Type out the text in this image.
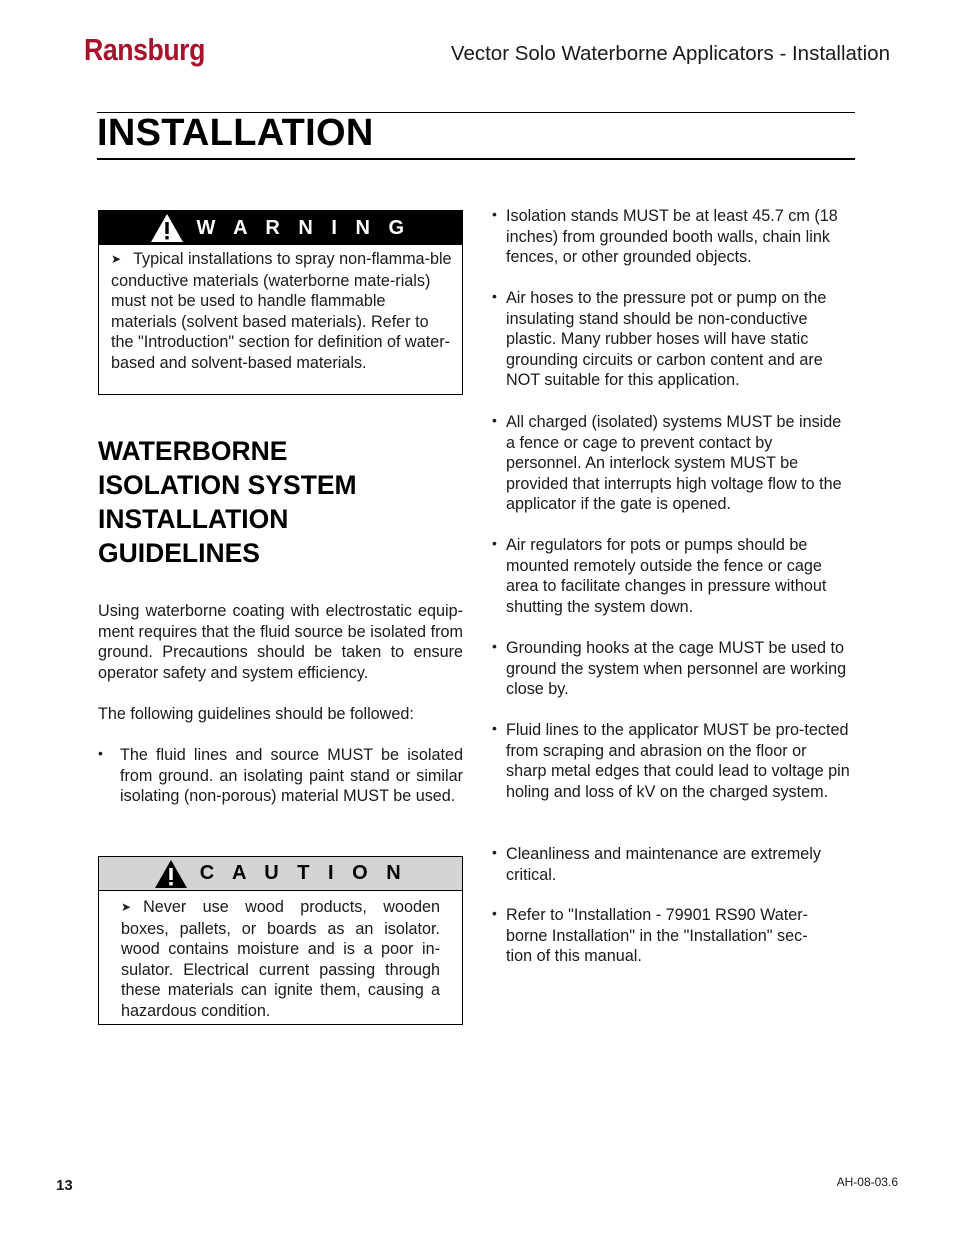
Ransburg	Vector Solo Waterborne Applicators - Installation
INSTALLATION
W A R N I N G
➤ Typical installations to spray non-flamma-ble conductive materials (waterborne mate-rials) must not be used to handle flammable materials (solvent based materials). Refer to the "Introduction" section for definition of water-based and solvent-based materials.
WATERBORNE
ISOLATION SYSTEM
INSTALLATION
GUIDELINES
Using waterborne coating with electrostatic equip-ment requires that the fluid source be isolated from ground. Precautions should be taken to ensure operator safety and system efficiency.
The following guidelines should be followed:
• The fluid lines and source MUST be isolated from ground. an isolating paint stand or similar isolating (non-porous) material MUST be used.
C A U T I O N
➤ Never use wood products, wooden boxes, pallets, or boards as an isolator. wood contains moisture and is a poor in-sulator. Electrical current passing through these materials can ignite them, causing a hazardous condition.
• Isolation stands MUST be at least 45.7 cm (18 inches) from grounded booth walls, chain link fences, or other grounded objects.
• Air hoses to the pressure pot or pump on the insulating stand should be non-conductive plastic. Many rubber hoses will have static grounding circuits or carbon content and are NOT suitable for this application.
• All charged (isolated) systems MUST be inside a fence or cage to prevent contact by personnel. An interlock system MUST be provided that interrupts high voltage flow to the applicator if the gate is opened.
• Air regulators for pots or pumps should be mounted remotely outside the fence or cage area to facilitate changes in pressure without shutting the system down.
• Grounding hooks at the cage MUST be used to ground the system when personnel are working close by.
• Fluid lines to the applicator MUST be pro-tected from scraping and abrasion on the floor or sharp metal edges that could lead to voltage pin holing and loss of kV on the charged system.
• Cleanliness and maintenance are extremely critical.
• Refer to "Installation - 79901 RS90 Water-borne Installation" in the "Installation" sec-tion of this manual.
13	AH-08-03.6
